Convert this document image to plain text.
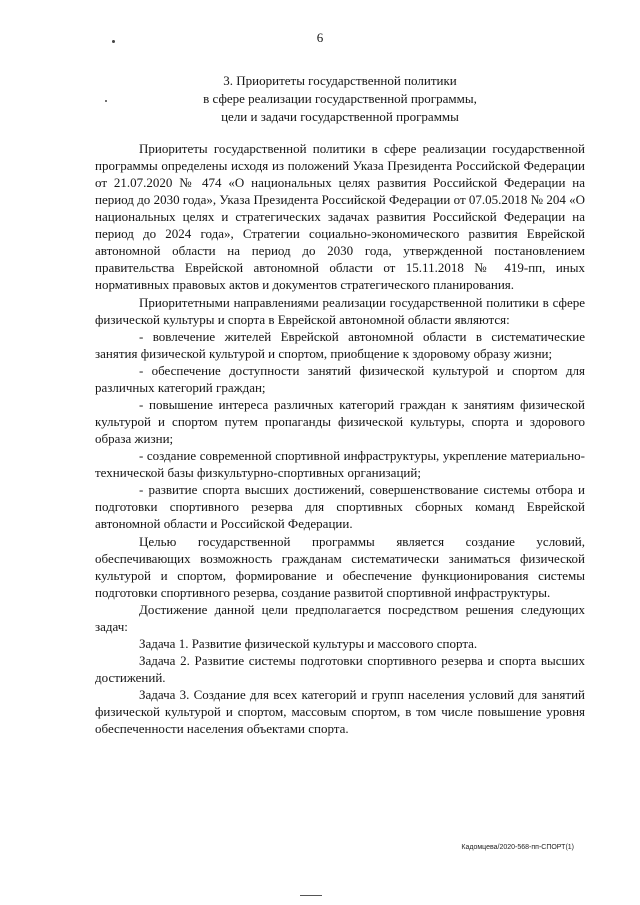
6
3. Приоритеты государственной политики
в сфере реализации государственной программы,
цели и задачи государственной программы

Приоритеты государственной политики в сфере реализации государственной программы определены исходя из положений Указа Президента Российской Федерации от 21.07.2020 № 474 «О национальных целях развития Российской Федерации на период до 2030 года», Указа Президента Российской Федерации от 07.05.2018 № 204 «О национальных целях и стратегических задачах развития Российской Федерации на период до 2024 года», Стратегии социально-экономического развития Еврейской автономной области на период до 2030 года, утвержденной постановлением правительства Еврейской автономной области от 15.11.2018 № 419-пп, иных нормативных правовых актов и документов стратегического планирования.

Приоритетными направлениями реализации государственной политики в сфере физической культуры и спорта в Еврейской автономной области являются:

- вовлечение жителей Еврейской автономной области в систематические занятия физической культурой и спортом, приобщение к здоровому образу жизни;

- обеспечение доступности занятий физической культурой и спортом для различных категорий граждан;

- повышение интереса различных категорий граждан к занятиям физической культурой и спортом путем пропаганды физической культуры, спорта и здорового образа жизни;

- создание современной спортивной инфраструктуры, укрепление материально-технической базы физкультурно-спортивных организаций;

- развитие спорта высших достижений, совершенствование системы отбора и подготовки спортивного резерва для спортивных сборных команд Еврейской автономной области и Российской Федерации.

Целью государственной программы является создание условий, обеспечивающих возможность гражданам систематически заниматься физической культурой и спортом, формирование и обеспечение функционирования системы подготовки спортивного резерва, создание развитой спортивной инфраструктуры.

Достижение данной цели предполагается посредством решения следующих задач:

Задача 1. Развитие физической культуры и массового спорта.

Задача 2. Развитие системы подготовки спортивного резерва и спорта высших достижений.

Задача 3. Создание для всех категорий и групп населения условий для занятий физической культурой и спортом, массовым спортом, в том числе повышение уровня обеспеченности населения объектами спорта.

Кадомцева/2020-568-пп-СПОРТ(1)
